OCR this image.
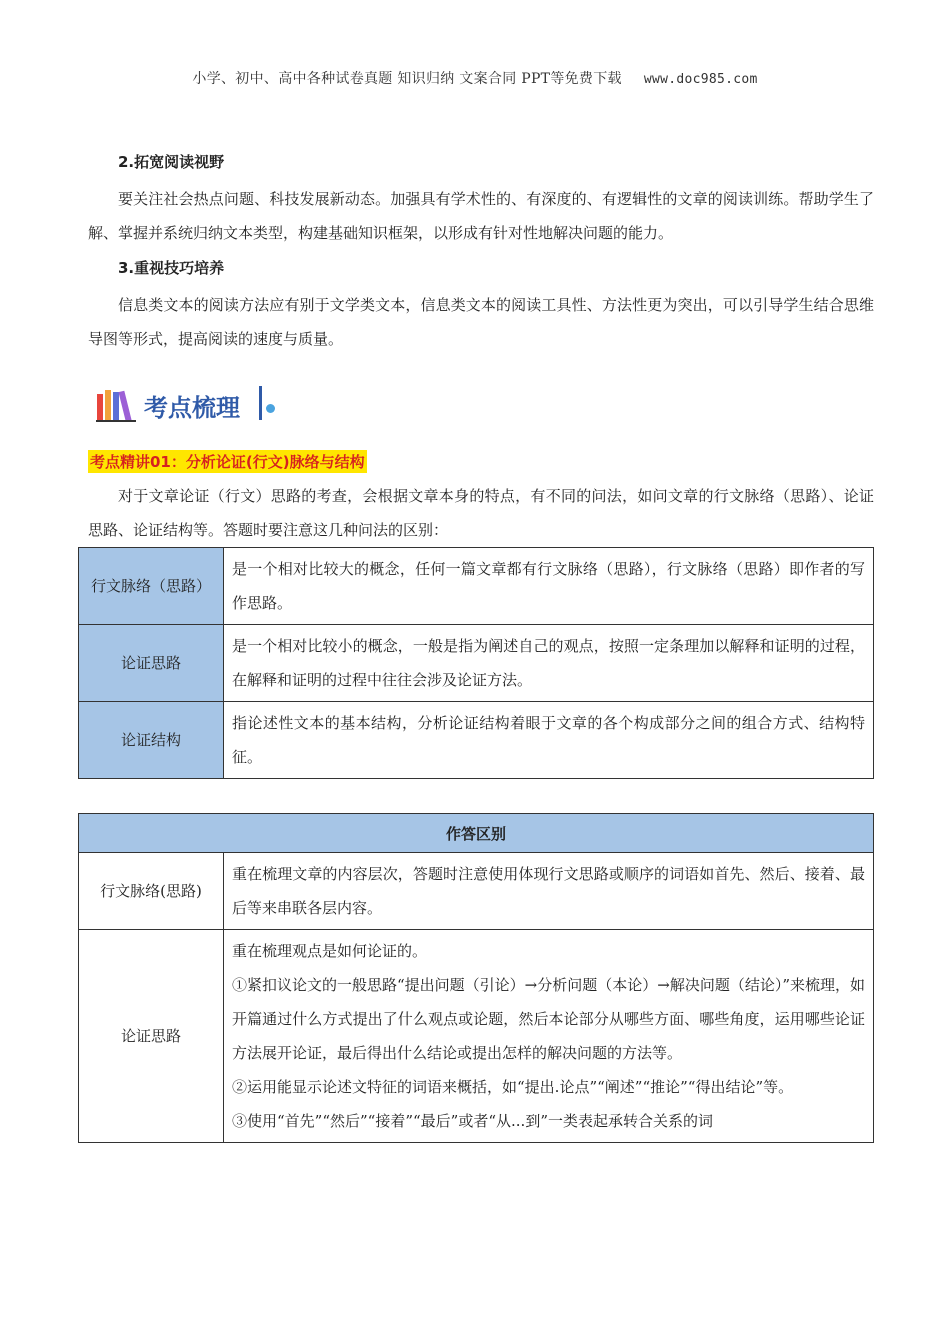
小学、初中、高中各种试卷真题 知识归纳 文案合同 PPT等免费下载 www.doc985.com
2.拓宽阅读视野

要关注社会热点问题、科技发展新动态。加强具有学术性的、有深度的、有逻辑性的文章的阅读训练。帮助学生了解、掌握并系统归纳文本类型，构建基础知识框架，以形成有针对性地解决问题的能力。

3.重视技巧培养

信息类文本的阅读方法应有别于文学类文本，信息类文本的阅读工具性、方法性更为突出，可以引导学生结合思维导图等形式，提高阅读的速度与质量。

考点梳理
考点精讲01：分析论证(行文)脉络与结构

对于文章论证（行文）思路的考查，会根据文章本身的特点，有不同的问法，如问文章的行文脉络（思路）、论证思路、论证结构等。答题时要注意这几种问法的区别：

行文脉络（思路）	是一个相对比较大的概念，任何一篇文章都有行文脉络（思路），行文脉络（思路）即作者的写作思路。
论证思路	是一个相对比较小的概念，一般是指为阐述自己的观点，按照一定条理加以解释和证明的过程，在解释和证明的过程中往往会涉及论证方法。
论证结构	指论述性文本的基本结构，分析论证结构着眼于文章的各个构成部分之间的组合方式、结构特征。
作答区别	
行文脉络(思路)	重在梳理文章的内容层次，答题时注意使用体现行文思路或顺序的词语如首先、然后、接着、最后等来串联各层内容。
论证思路	重在梳理观点是如何论证的。

①紧扣议论文的一般思路“提出问题（引论）→分析问题（本论）→解决问题（结论）”来梳理，如开篇通过什么方式提出了什么观点或论题，然后本论部分从哪些方面、哪些角度，运用哪些论证方法展开论证，最后得出什么结论或提出怎样的解决问题的方法等。

②运用能显示论述文特征的词语来概括，如“提出.论点”“阐述”“推论”“得出结论”等。

③使用“首先”“然后”“接着”“最后”或者“从...到”一类表起承转合关系的词
